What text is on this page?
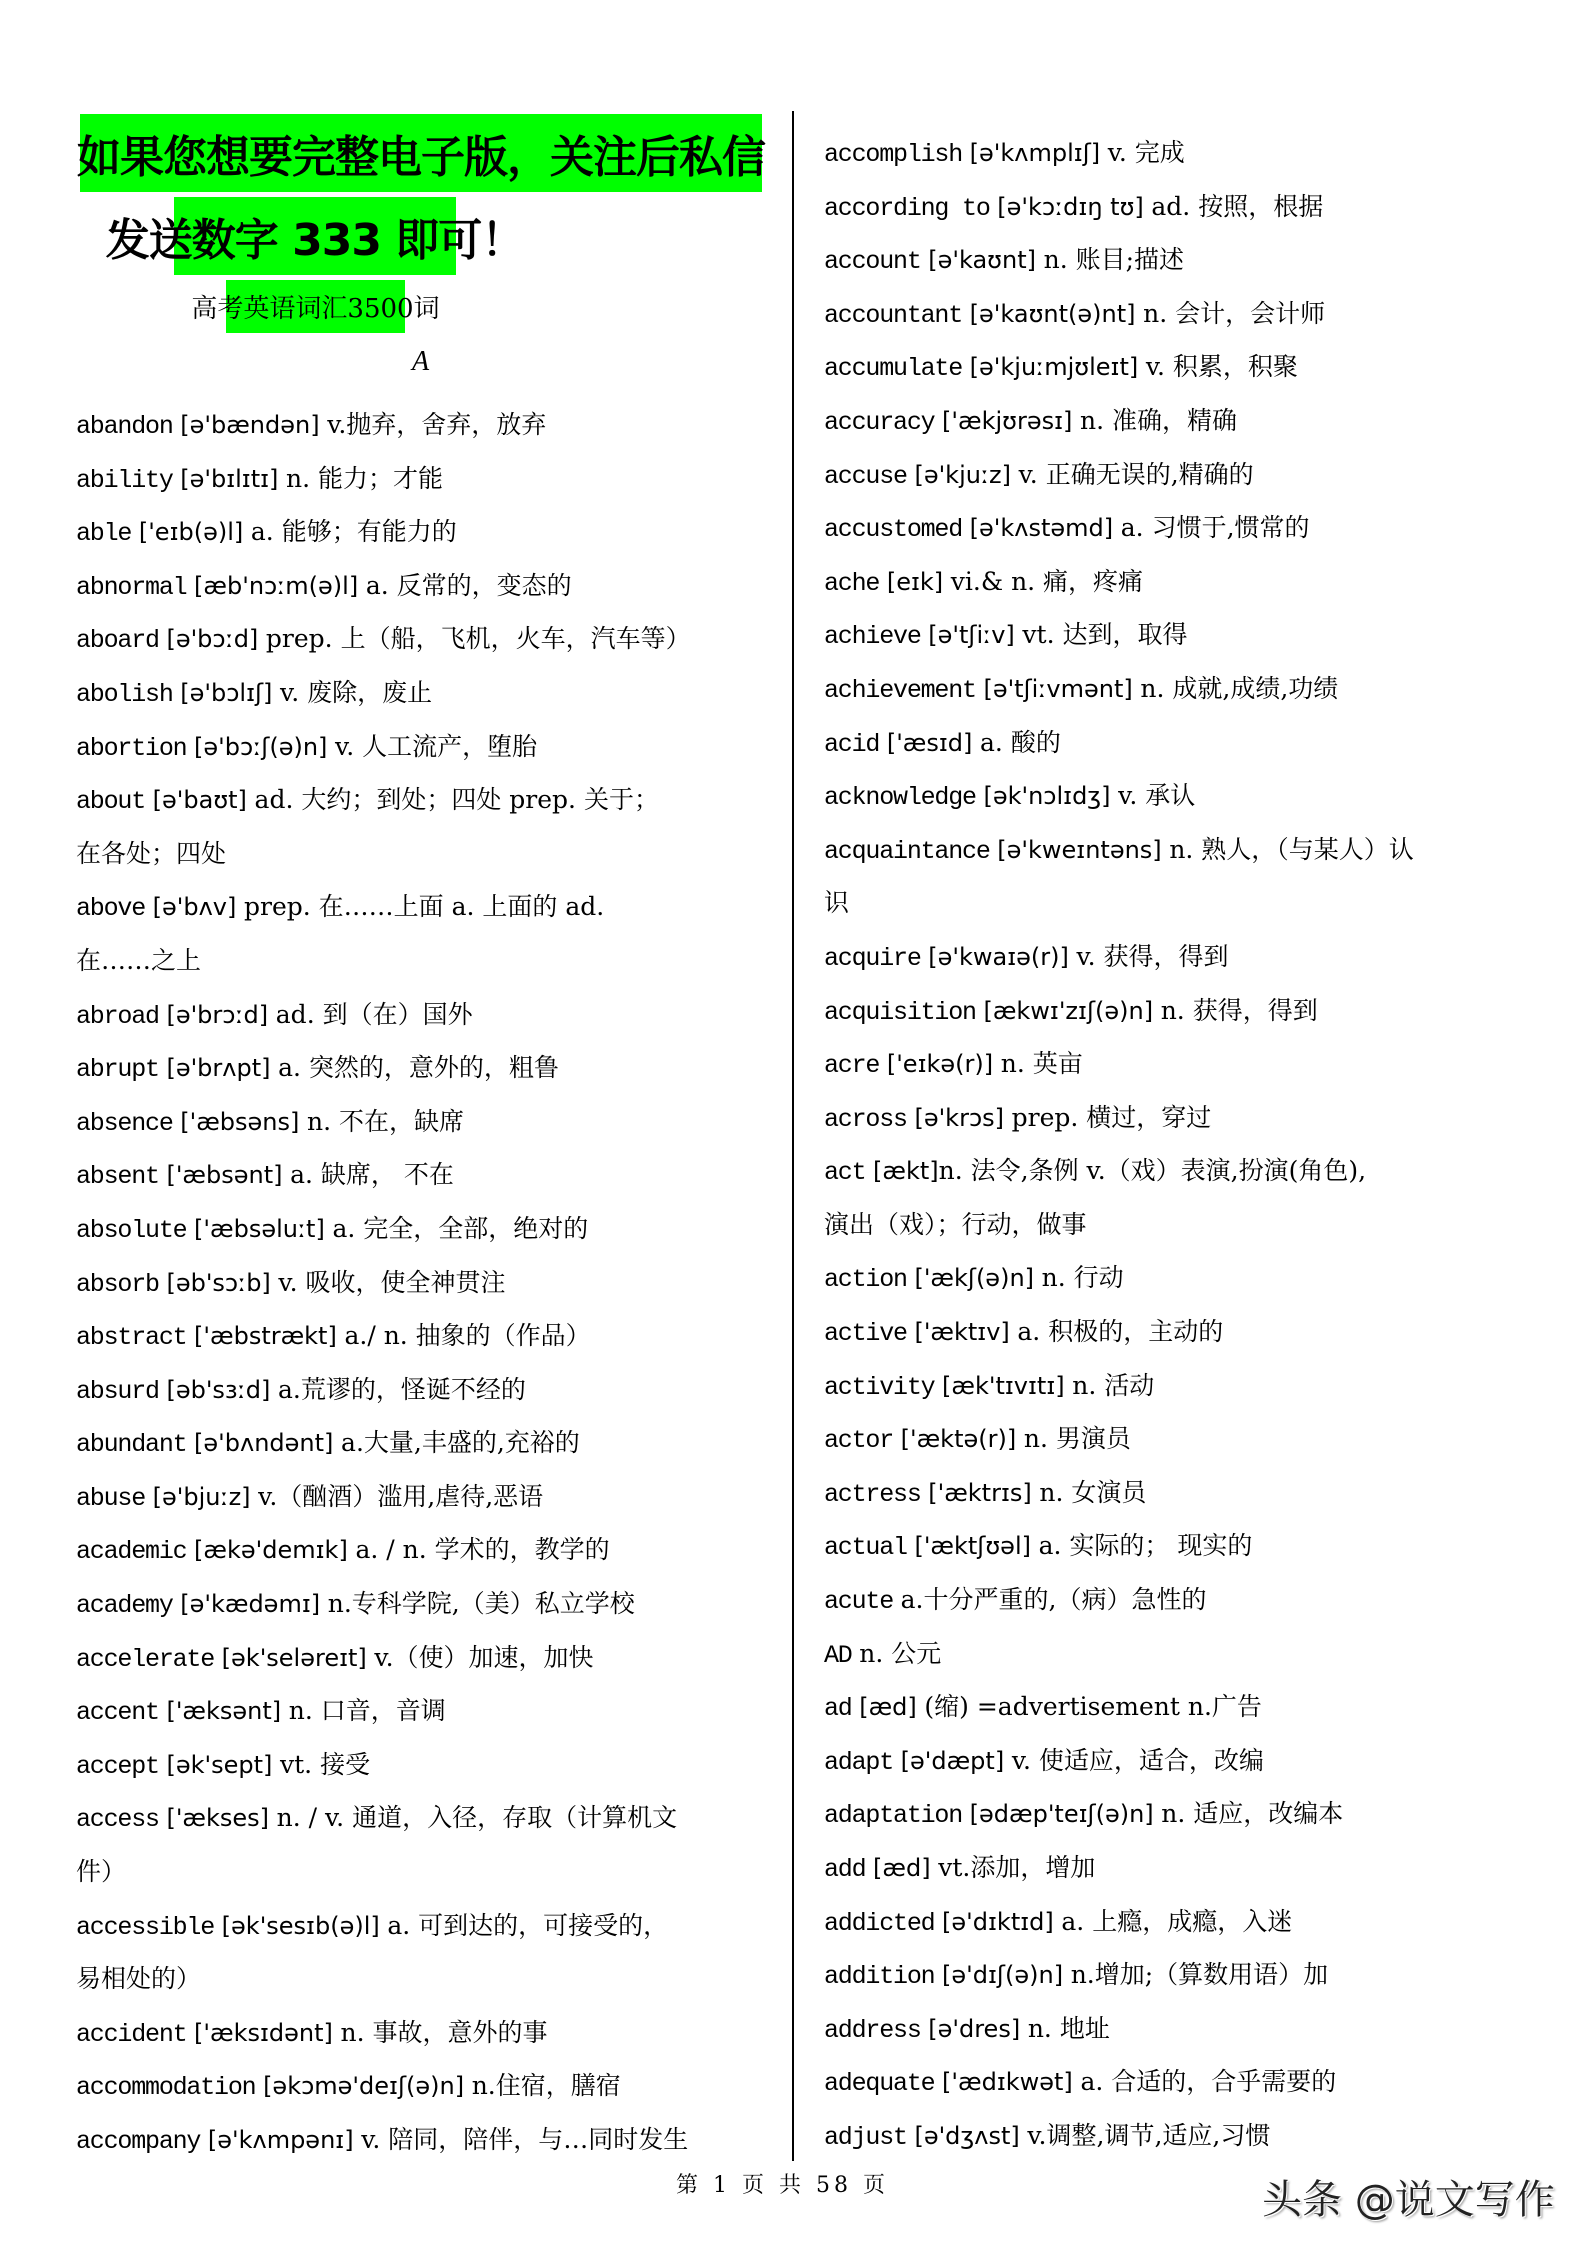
如果您想要完整电子版，关注后私信
发送数字 333 即可！
高考英语词汇3500词
A
abandon [ə'bændən] v.抛弃，舍弃，放弃
ability [ə'bɪlɪtɪ] n. 能力；才能
able ['eɪb(ə)l] a. 能够；有能力的
abnormal [æb'nɔːm(ə)l] a. 反常的，变态的
aboard [ə'bɔːd] prep. 上（船，飞机，火车，汽车等）
abolish [ə'bɔlɪʃ] v. 废除，废止
abortion [ə'bɔːʃ(ə)n] v. 人工流产，堕胎
about [ə'baʊt] ad. 大约；到处；四处 prep. 关于；
在各处；四处
above [ə'bʌv] prep. 在……上面 a. 上面的 ad.
在……之上
abroad [ə'brɔːd] ad. 到（在）国外
abrupt [ə'brʌpt] a. 突然的，意外的，粗鲁
absence ['æbsəns] n. 不在，缺席
absent ['æbsənt] a. 缺席， 不在
absolute ['æbsəluːt] a. 完全，全部，绝对的
absorb [əb'sɔːb] v. 吸收，使全神贯注
abstract ['æbstrækt] a./ n. 抽象的（作品）
absurd [əb'sɜːd] a.荒谬的，怪诞不经的
abundant [ə'bʌndənt] a.大量,丰盛的,充裕的
abuse [ə'bjuːz] v.（酗酒）滥用,虐待,恶语
academic [ækə'demɪk] a. / n. 学术的，教学的
academy [ə'kædəmɪ] n.专科学院,（美）私立学校
accelerate [ək'seləreɪt] v.（使）加速，加快
accent ['æksənt] n. 口音，音调
accept [ək'sept] vt. 接受
access ['ækses] n. / v. 通道，入径，存取（计算机文
件）
accessible [ək'sesɪb(ə)l] a. 可到达的，可接受的，
易相处的）
accident ['æksɪdənt] n. 事故，意外的事
accommodation [əkɔmə'deɪʃ(ə)n] n.住宿，膳宿
accompany [ə'kʌmpənɪ] v. 陪同，陪伴，与…同时发生
accomplish [ə'kʌmplɪʃ] v. 完成
according to [ə'kɔːdɪŋ tʊ] ad. 按照，根据
account [ə'kaʊnt] n. 账目;描述
accountant [ə'kaʊnt(ə)nt] n. 会计，会计师
accumulate [ə'kjuːmjʊleɪt] v. 积累，积聚
accuracy ['ækjʊrəsɪ] n. 准确，精确
accuse [ə'kjuːz] v. 正确无误的,精确的
accustomed [ə'kʌstəmd] a. 习惯于,惯常的
ache [eɪk] vi.& n. 痛，疼痛
achieve [ə'tʃiːv] vt. 达到，取得
achievement [ə'tʃiːvmənt] n. 成就,成绩,功绩
acid ['æsɪd] a. 酸的
acknowledge [ək'nɔlɪdʒ] v. 承认
acquaintance [ə'kweɪntəns] n. 熟人，（与某人）认
识
acquire [ə'kwaɪə(r)] v. 获得，得到
acquisition [ækwɪ'zɪʃ(ə)n] n. 获得，得到
acre ['eɪkə(r)] n. 英亩
across [ə'krɔs] prep. 横过，穿过
act [ækt]n. 法令,条例 v.（戏）表演,扮演(角色),
演出（戏）；行动，做事
action ['ækʃ(ə)n] n. 行动
active ['æktɪv] a. 积极的，主动的
activity [æk'tɪvɪtɪ] n. 活动
actor ['æktə(r)] n. 男演员
actress ['æktrɪs] n. 女演员
actual ['æktʃʊəl] a. 实际的； 现实的
acute a.十分严重的,（病）急性的
AD n. 公元
ad [æd] (缩) =advertisement n.广告
adapt [ə'dæpt] v. 使适应，适合，改编
adaptation [ədæp'teɪʃ(ə)n] n. 适应，改编本
add [æd] vt.添加，增加
addicted [ə'dɪktɪd] a. 上瘾，成瘾，入迷
addition [ə'dɪʃ(ə)n] n.增加;（算数用语）加
address [ə'dres] n. 地址
adequate ['ædɪkwət] a. 合适的，合乎需要的
adjust [ə'dʒʌst] v.调整,调节,适应,习惯
第 1 页 共 58 页	头条 @说文写作
